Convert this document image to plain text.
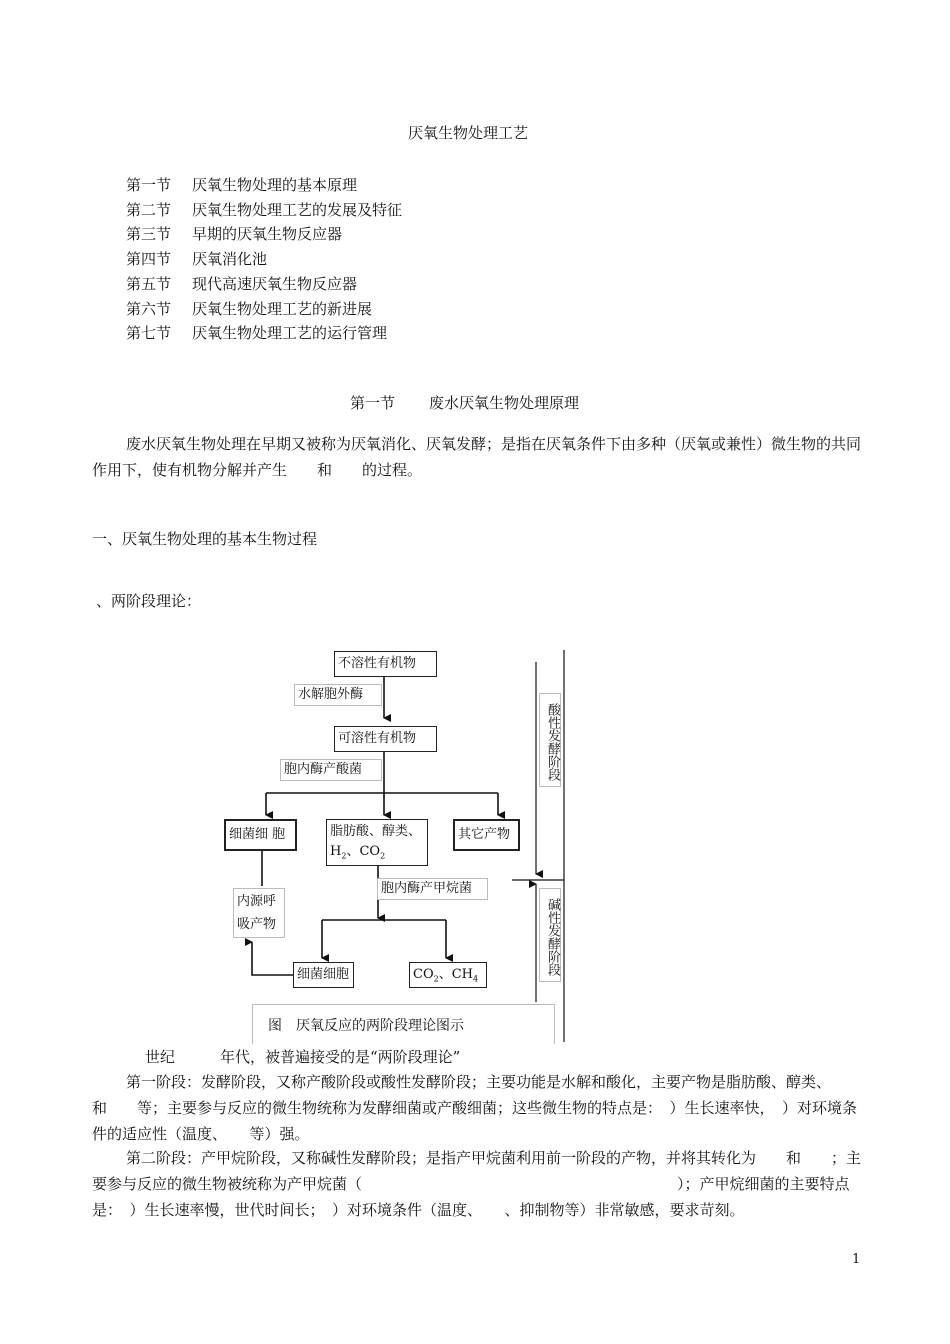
厌氧生物处理工艺
第一节 厌氧生物处理的基本原理
第二节 厌氧生物处理工艺的发展及特征
第三节 早期的厌氧生物反应器
第四节 厌氧消化池
第五节 现代高速厌氧生物反应器
第六节 厌氧生物处理工艺的新进展
第七节 厌氧生物处理工艺的运行管理
第一节 废水厌氧生物处理原理

废水厌氧生物处理在早期又被称为厌氧消化、厌氧发酵；是指在厌氧条件下由多种（厌氧或兼性）微生物的共同作用下，使有机物分解并产生　　和　　的过程。

一、厌氧生物处理的基本生物过程
、两阶段理论：
不溶性有机物
水解胞外酶
可溶性有机物
胞内酶产酸菌
细菌细 胞	脂肪酸、醇类、
$H_2$、$CO_2$
其它产物
内源呼吸产物
胞内酶产甲烷菌
细菌细胞	$CO_2$、$CH_4$
酸性发酵阶段
碱性发酵阶段
图　厌氧反应的两阶段理论图示
世纪　　　年代，被普遍接受的是“两阶段理论”

第一阶段：发酵阶段，又称产酸阶段或酸性发酵阶段；主要功能是水解和酸化，主要产物是脂肪酸、醇类、　　和　　等；主要参与反应的微生物统称为发酵细菌或产酸细菌；这些微生物的特点是：　）生长速率快，　）对环境条件的适应性（温度、　　等）强。

第二阶段：产甲烷阶段，又称碱性发酵阶段；是指产甲烷菌利用前一阶段的产物，并将其转化为　　和　　；主要参与反应的微生物被统称为产甲烷菌（　　　　　　　　　　　　　　　　　　　　　）；产甲烷细菌的主要特点是：　）生长速率慢，世代时间长；　）对环境条件（温度、　　、抑制物等）非常敏感，要求苛刻。

1
